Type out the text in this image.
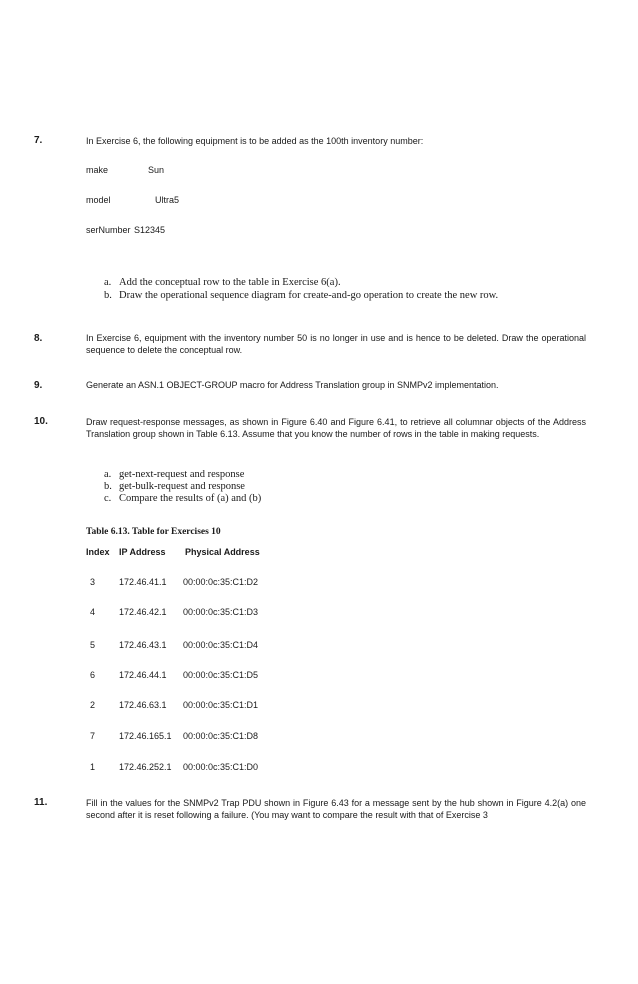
7.	In Exercise 6, the following equipment is to be added as the 100th inventory number:
make	Sun
model	Ultra5
serNumber S12345
a. Add the conceptual row to the table in Exercise 6(a).
b. Draw the operational sequence diagram for create-and-go operation to create the new row.
8.	In Exercise 6, equipment with the inventory number 50 is no longer in use and is hence to be deleted. Draw the operational sequence to delete the conceptual row.
9.	Generate an ASN.1 OBJECT-GROUP macro for Address Translation group in SNMPv2 implementation.
10.	Draw request-response messages, as shown in Figure 6.40 and Figure 6.41, to retrieve all columnar objects of the Address Translation group shown in Table 6.13. Assume that you know the number of rows in the table in making requests.
a. get-next-request and response
b. get-bulk-request and response
c. Compare the results of (a) and (b)
Table 6.13. Table for Exercises 10
Index IP Address Physical Address
3	172.46.41.1 00:00:0c:35:C1:D2
4	172.46.42.1 00:00:0c:35:C1:D3
5	172.46.43.1 00:00:0c:35:C1:D4
6	172.46.44.1 00:00:0c:35:C1:D5
2	172.46.63.1 00:00:0c:35:C1:D1
7	172.46.165.1 00:00:0c:35:C1:D8
1	172.46.252.1 00:00:0c:35:C1:D0
11.	Fill in the values for the SNMPv2 Trap PDU shown in Figure 6.43 for a message sent by the hub shown in Figure 4.2(a) one second after it is reset following a failure. (You may want to compare the result with that of Exercise 3
